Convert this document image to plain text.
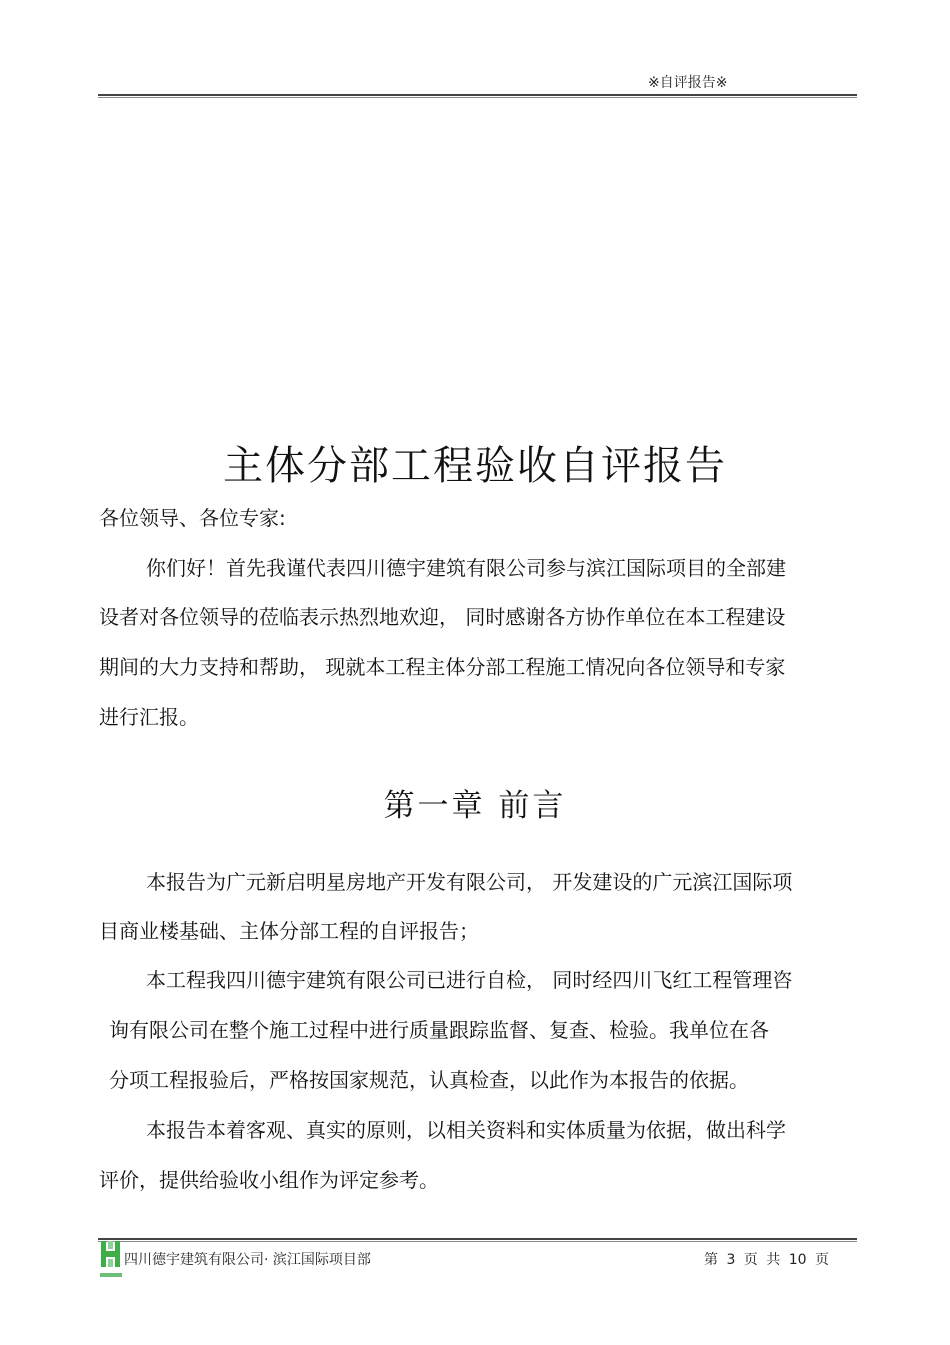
※自评报告※
主体分部工程验收自评报告
各位领导、各位专家:
你们好！首先我谨代表四川德宇建筑有限公司参与滨江国际项目的全部建
设者对各位领导的莅临表示热烈地欢迎， 同时感谢各方协作单位在本工程建设
期间的大力支持和帮助， 现就本工程主体分部工程施工情况向各位领导和专家
进行汇报。
第一章 前言
本报告为广元新启明星房地产开发有限公司， 开发建设的广元滨江国际项
目商业楼基础、主体分部工程的自评报告；
本工程我四川德宇建筑有限公司已进行自检， 同时经四川飞红工程管理咨
询有限公司在整个施工过程中进行质量跟踪监督、复查、检验。我单位在各
分项工程报验后，严格按国家规范，认真检查，以此作为本报告的依据。
本报告本着客观、真实的原则，以相关资料和实体质量为依据，做出科学
评价，提供给验收小组作为评定参考。
四川德宇建筑有限公司· 滨江国际项目部	第 3 页 共 10 页
